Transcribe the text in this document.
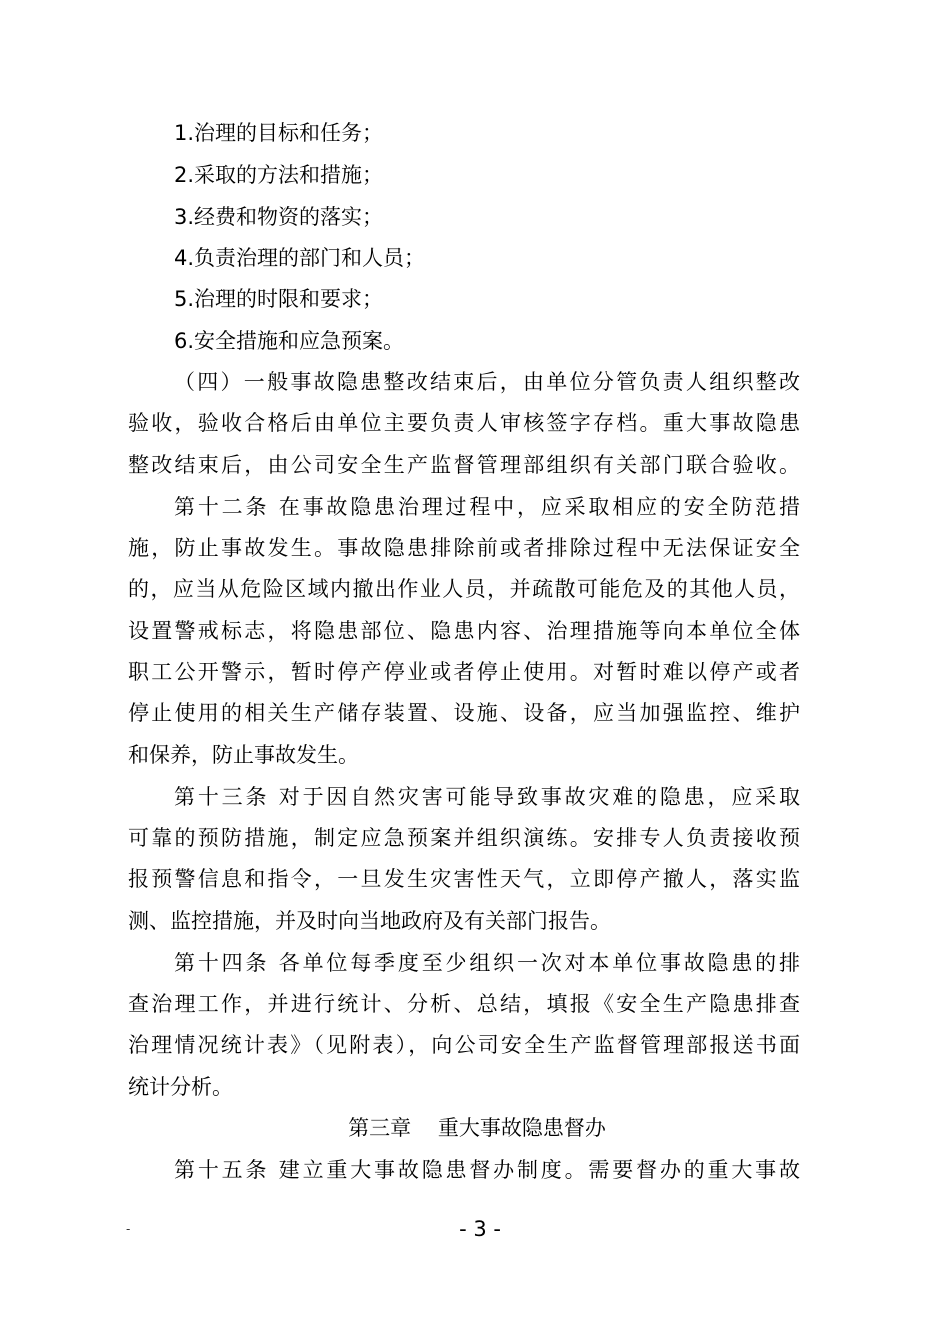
1.治理的目标和任务；
2.采取的方法和措施；
3.经费和物资的落实；
4.负责治理的部门和人员；
5.治理的时限和要求；
6.安全措施和应急预案。
（四）一般事故隐患整改结束后，由单位分管负责人组织整改
验收，验收合格后由单位主要负责人审核签字存档。重大事故隐患
整改结束后，由公司安全生产监督管理部组织有关部门联合验收。
第十二条 在事故隐患治理过程中，应采取相应的安全防范措
施，防止事故发生。事故隐患排除前或者排除过程中无法保证安全
的，应当从危险区域内撤出作业人员，并疏散可能危及的其他人员，
设置警戒标志，将隐患部位、隐患内容、治理措施等向本单位全体
职工公开警示，暂时停产停业或者停止使用。对暂时难以停产或者
停止使用的相关生产储存装置、设施、设备，应当加强监控、维护
和保养，防止事故发生。
第十三条 对于因自然灾害可能导致事故灾难的隐患，应采取
可靠的预防措施，制定应急预案并组织演练。安排专人负责接收预
报预警信息和指令，一旦发生灾害性天气，立即停产撤人，落实监
测、监控措施，并及时向当地政府及有关部门报告。
第十四条 各单位每季度至少组织一次对本单位事故隐患的排
查治理工作，并进行统计、分析、总结，填报《安全生产隐患排查
治理情况统计表》（见附表），向公司安全生产监督管理部报送书面
统计分析。
第三章    重大事故隐患督办
第十五条 建立重大事故隐患督办制度。需要督办的重大事故
-	- 3 -
